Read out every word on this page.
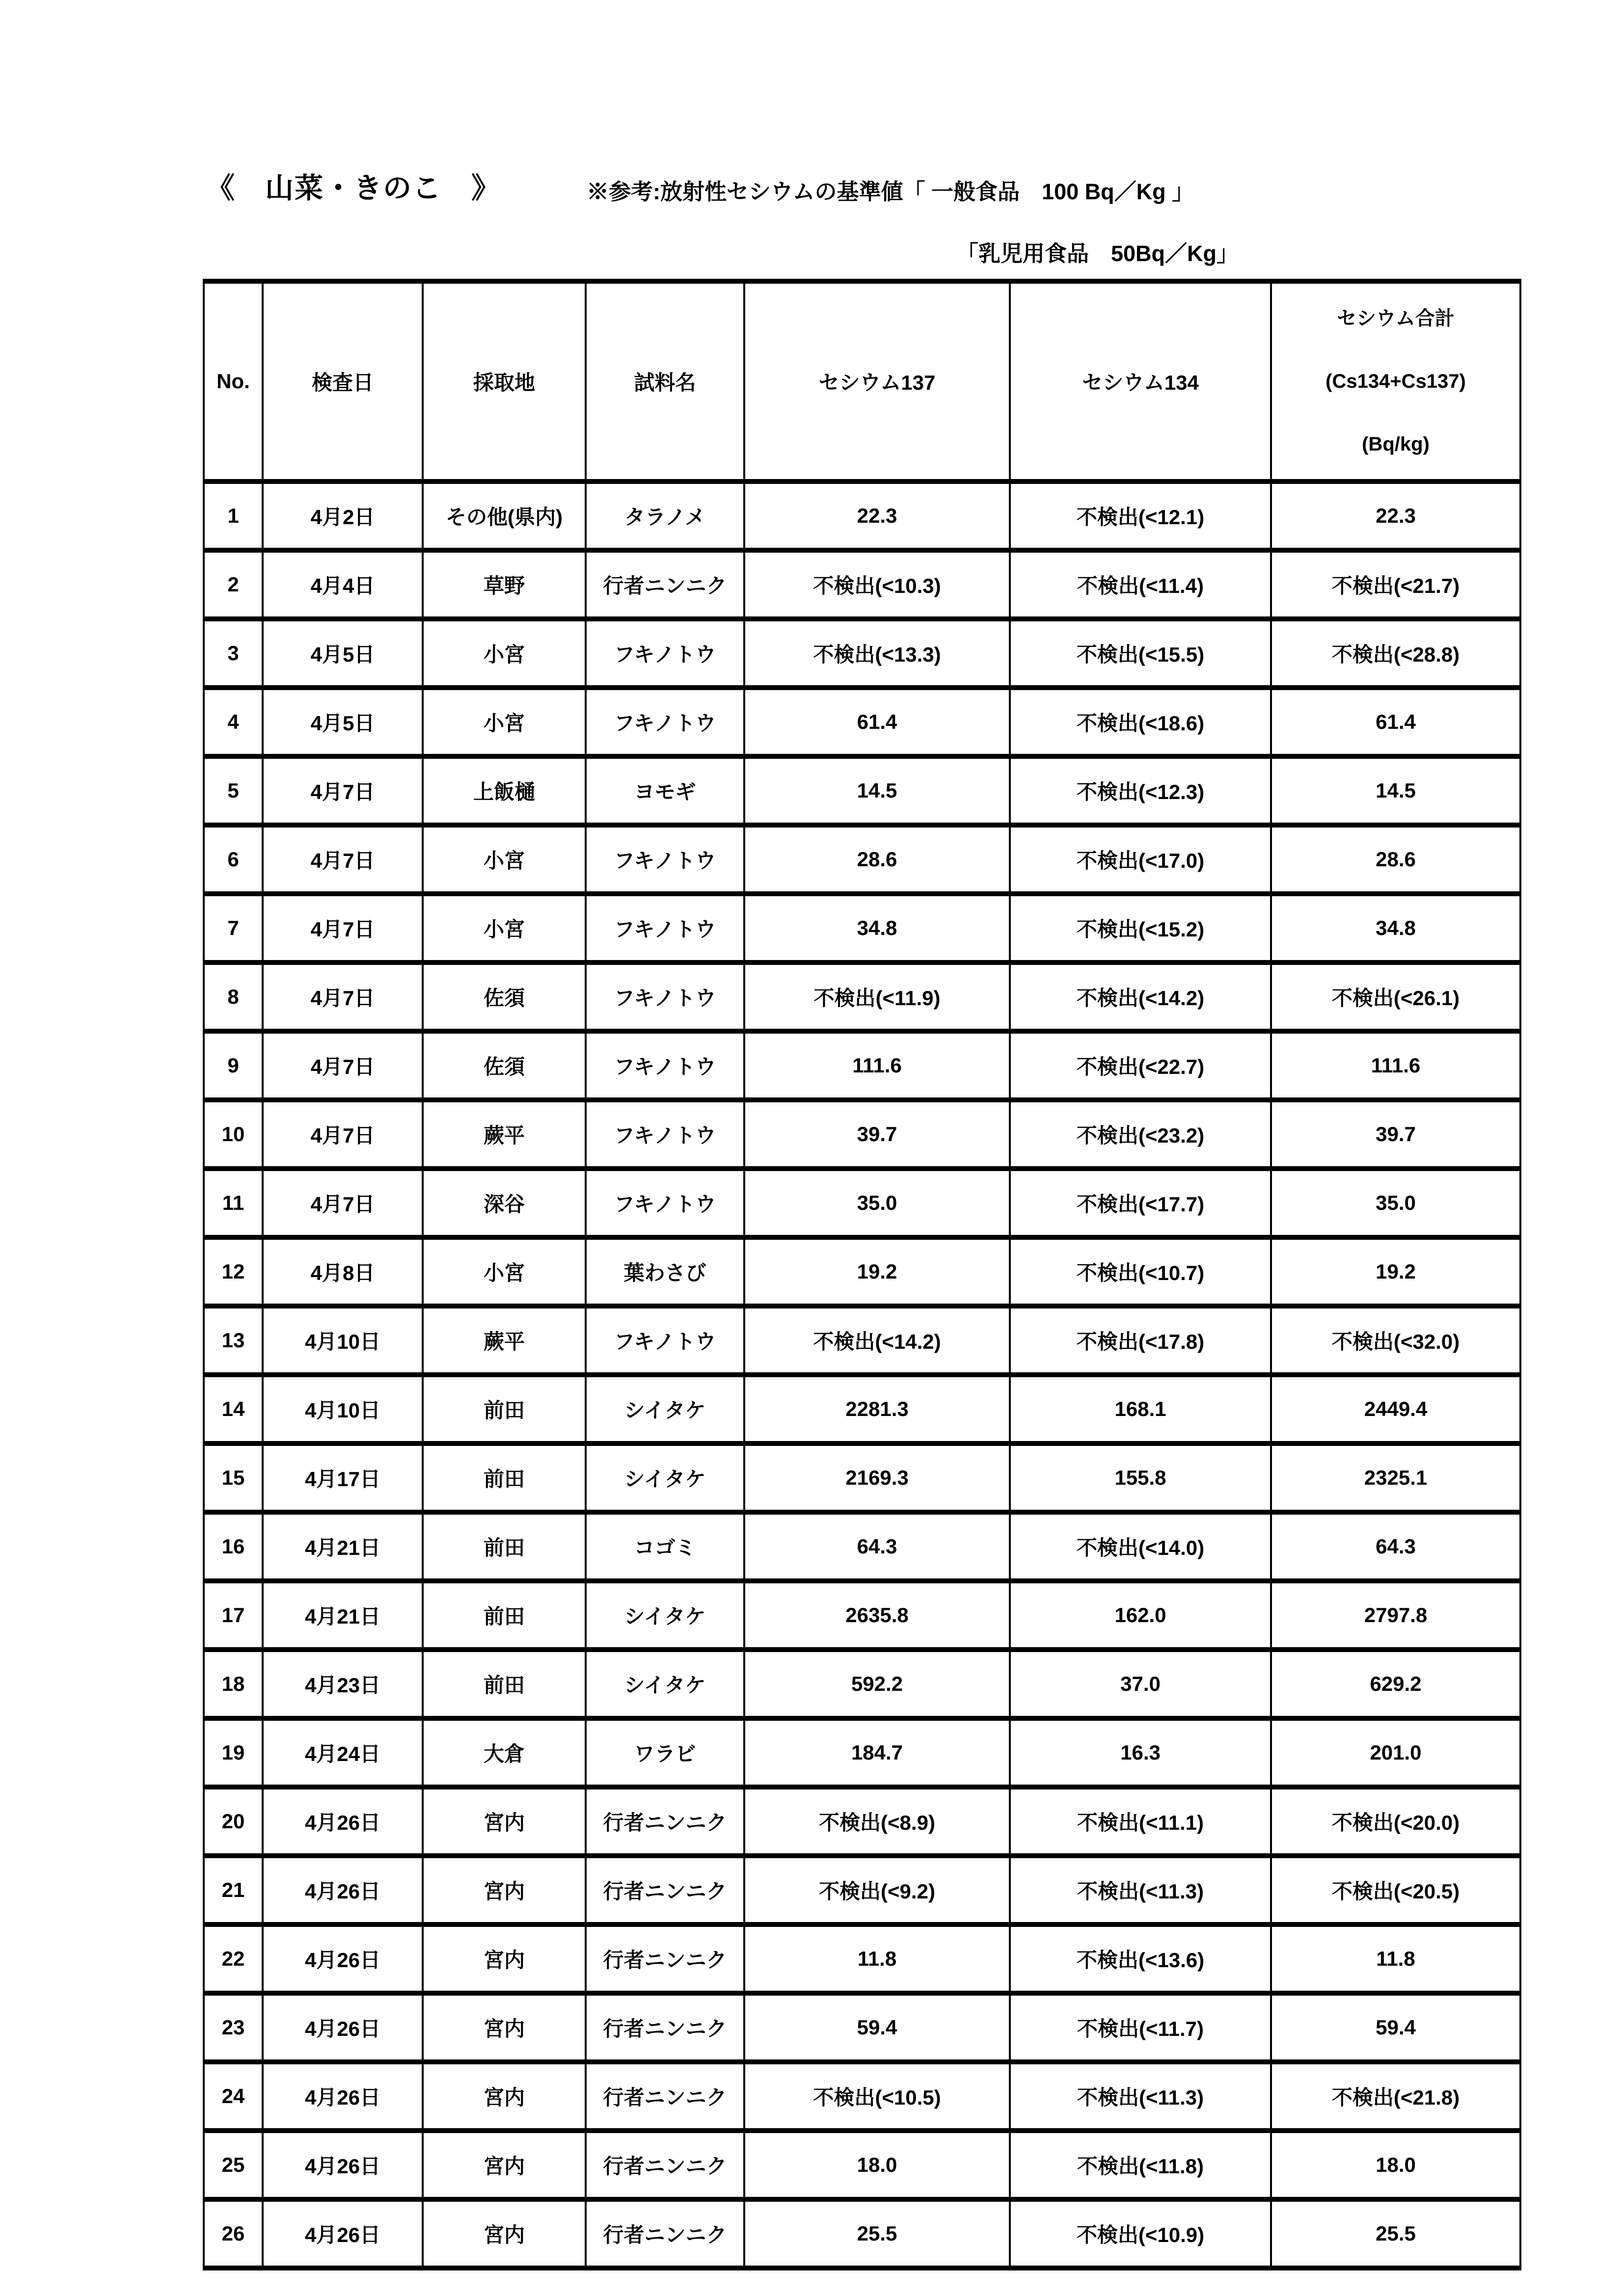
《　山菜・きのこ　》	※参考:放射性セシウムの基準値「 一般食品　100 Bq／Kg 」
「乳児用食品　50Bq／Kg」
No.	検査日	採取地	試料名	セシウム137	セシウム134	セシウム合計
(Cs134+Cs137)
(Bq/kg)

1	4月2日	その他(県内)	タラノメ	22.3	不検出(<12.1)	22.3
2	4月4日	草野	行者ニンニク	不検出(<10.3)	不検出(<11.4)	不検出(<21.7)
3	4月5日	小宮	フキノトウ	不検出(<13.3)	不検出(<15.5)	不検出(<28.8)
4	4月5日	小宮	フキノトウ	61.4	不検出(<18.6)	61.4
5	4月7日	上飯樋	ヨモギ	14.5	不検出(<12.3)	14.5
6	4月7日	小宮	フキノトウ	28.6	不検出(<17.0)	28.6
7	4月7日	小宮	フキノトウ	34.8	不検出(<15.2)	34.8
8	4月7日	佐須	フキノトウ	不検出(<11.9)	不検出(<14.2)	不検出(<26.1)
9	4月7日	佐須	フキノトウ	111.6	不検出(<22.7)	111.6
10	4月7日	蕨平	フキノトウ	39.7	不検出(<23.2)	39.7
11	4月7日	深谷	フキノトウ	35.0	不検出(<17.7)	35.0
12	4月8日	小宮	葉わさび	19.2	不検出(<10.7)	19.2
13	4月10日	蕨平	フキノトウ	不検出(<14.2)	不検出(<17.8)	不検出(<32.0)
14	4月10日	前田	シイタケ	2281.3	168.1	2449.4
15	4月17日	前田	シイタケ	2169.3	155.8	2325.1
16	4月21日	前田	コゴミ	64.3	不検出(<14.0)	64.3
17	4月21日	前田	シイタケ	2635.8	162.0	2797.8
18	4月23日	前田	シイタケ	592.2	37.0	629.2
19	4月24日	大倉	ワラビ	184.7	16.3	201.0
20	4月26日	宮内	行者ニンニク	不検出(<8.9)	不検出(<11.1)	不検出(<20.0)
21	4月26日	宮内	行者ニンニク	不検出(<9.2)	不検出(<11.3)	不検出(<20.5)
22	4月26日	宮内	行者ニンニク	11.8	不検出(<13.6)	11.8
23	4月26日	宮内	行者ニンニク	59.4	不検出(<11.7)	59.4
24	4月26日	宮内	行者ニンニク	不検出(<10.5)	不検出(<11.3)	不検出(<21.8)
25	4月26日	宮内	行者ニンニク	18.0	不検出(<11.8)	18.0
26	4月26日	宮内	行者ニンニク	25.5	不検出(<10.9)	25.5
